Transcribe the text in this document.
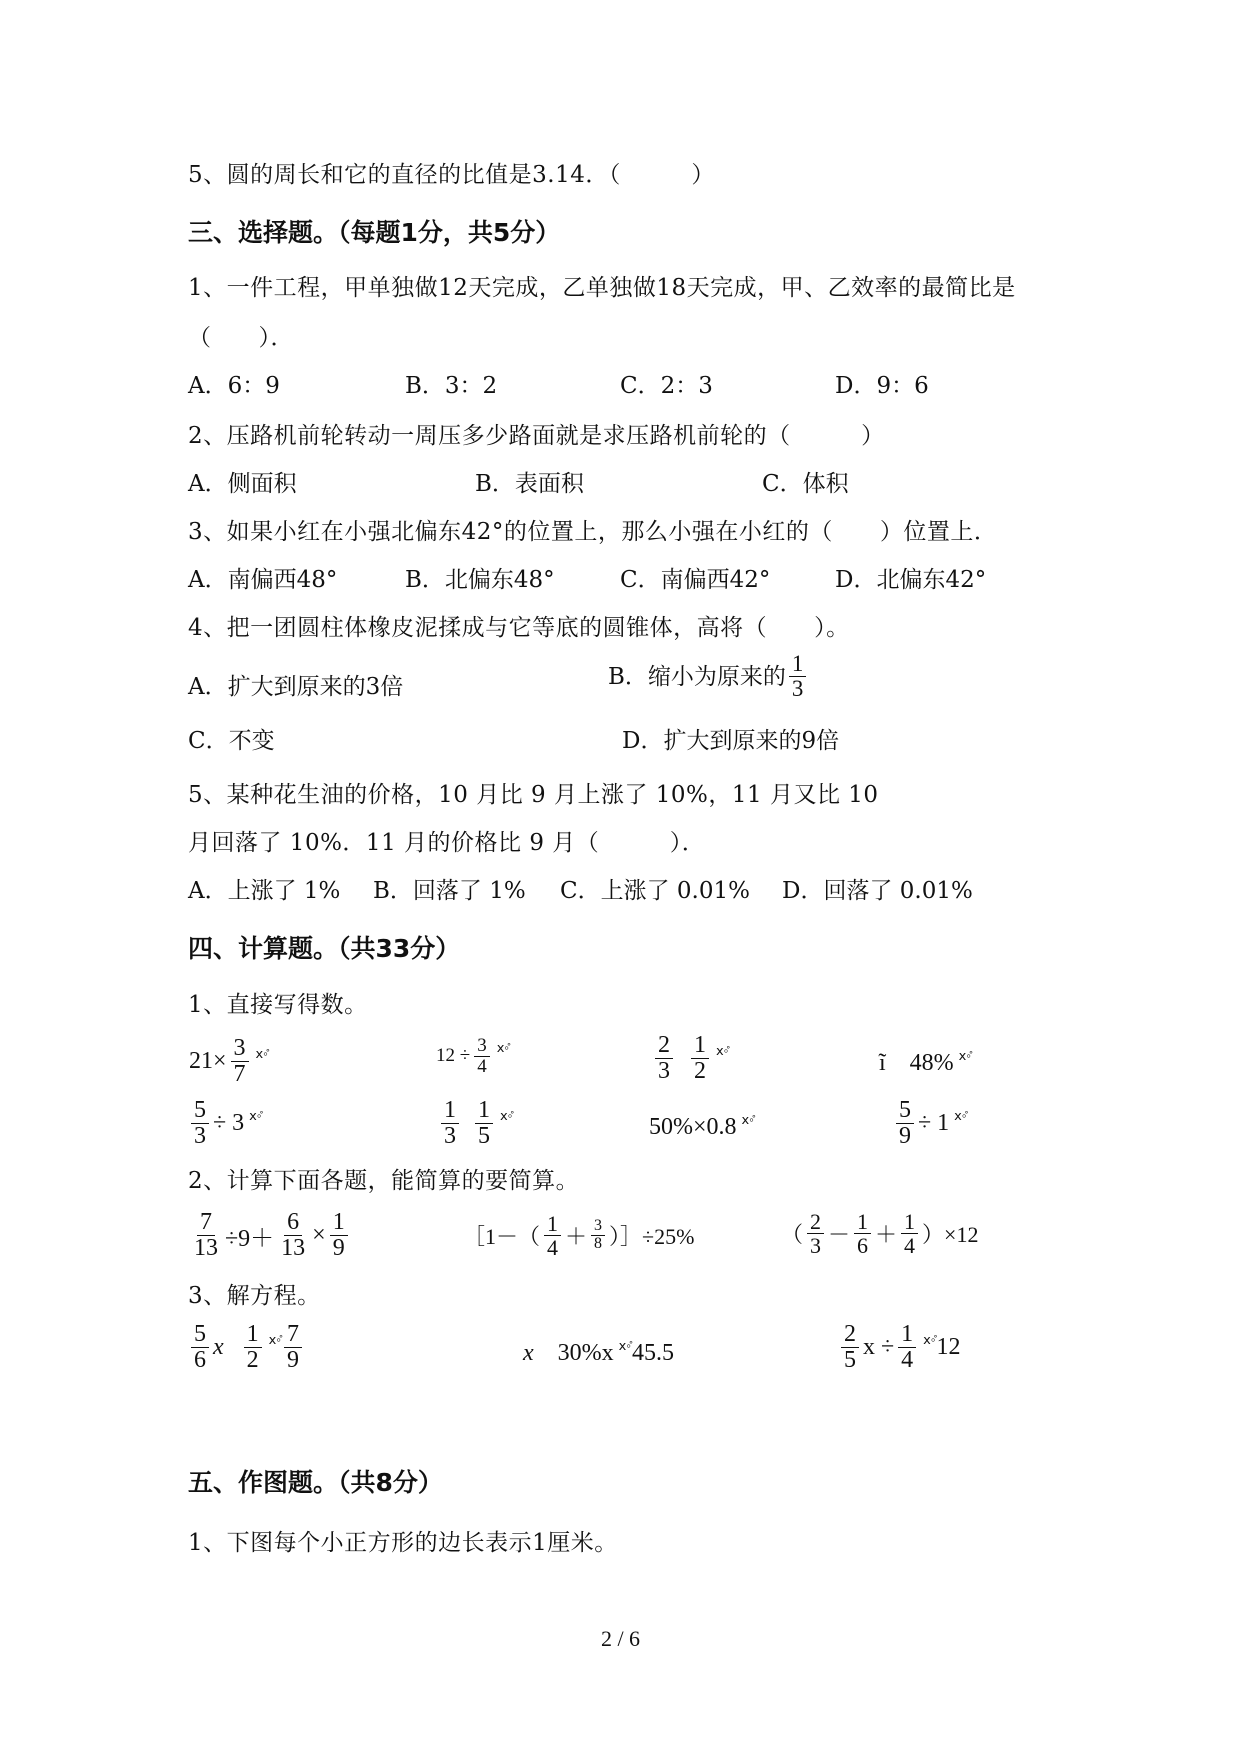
5、圆的周长和它的直径的比值是3.14．（　　　）
三、选择题。（每题1分，共5分）
1、一件工程，甲单独做12天完成，乙单独做18天完成，甲、乙效率的最简比是
（　　）．
A．6：9	B．3：2	C．2：3	D．9：6
2、压路机前轮转动一周压多少路面就是求压路机前轮的（　　　）
A．侧面积	B．表面积	C．体积
3、如果小红在小强北偏东42°的位置上，那么小强在小红的（　　）位置上．
A．南偏西48°	B．北偏东48°	C．南偏西42°	D．北偏东42°
4、把一团圆柱体橡皮泥揉成与它等底的圆锥体，高将（　　）。
A．扩大到原来的3倍	B．缩小为原来的 $\frac{1}{3}$
C．不变	D．扩大到原来的9倍
5、某种花生油的价格，10 月比 9 月上涨了 10%，11 月又比 10
月回落了 10%．11 月的价格比 9 月（　　　）．
A．上涨了 1% B．回落了 1% C．上涨了 0.01% D．回落了 0.01%
四、计算题。（共33分）
1、直接写得数。
$21\times \frac{3}{7}$ ⅹ◦̊	$12 \div \frac{3}{4}$ ⅹ◦̊	$\frac{2}{3} \frac{1}{2}$ ⅹ◦̊	ĩ 48% ⅹ◦̊
$\frac{5}{3} \div 3$ ⅹ◦̊	$\frac{1}{3} \frac{1}{5}$ ⅹ◦̊	50%×0.8 ⅹ◦̊	$\frac{5}{9} \div 1$ ⅹ◦̊
2、计算下面各题，能简算的要简算。
$\frac{7}{13} \div 9+ \frac{6}{13} \times \frac{1}{9}$	［1－（ $\frac{1}{4} + \frac{3}{8}$ ）］÷25%	（ $\frac{2}{3} - \frac{1}{6} + \frac{1}{4} )\times 12$
3、解方程。
$\frac{5}{6}$ x $\frac{1}{2}$ ⅹ◦̊ $\frac{7}{9}$	x 30%x ⅹ◦̊ 45.5	$\frac{2}{5}$ $x \div \frac{1}{4}$ ⅹ◦̊ 12
五、作图题。（共8分）
1、下图每个小正方形的边长表示1厘米。
2 / 6
